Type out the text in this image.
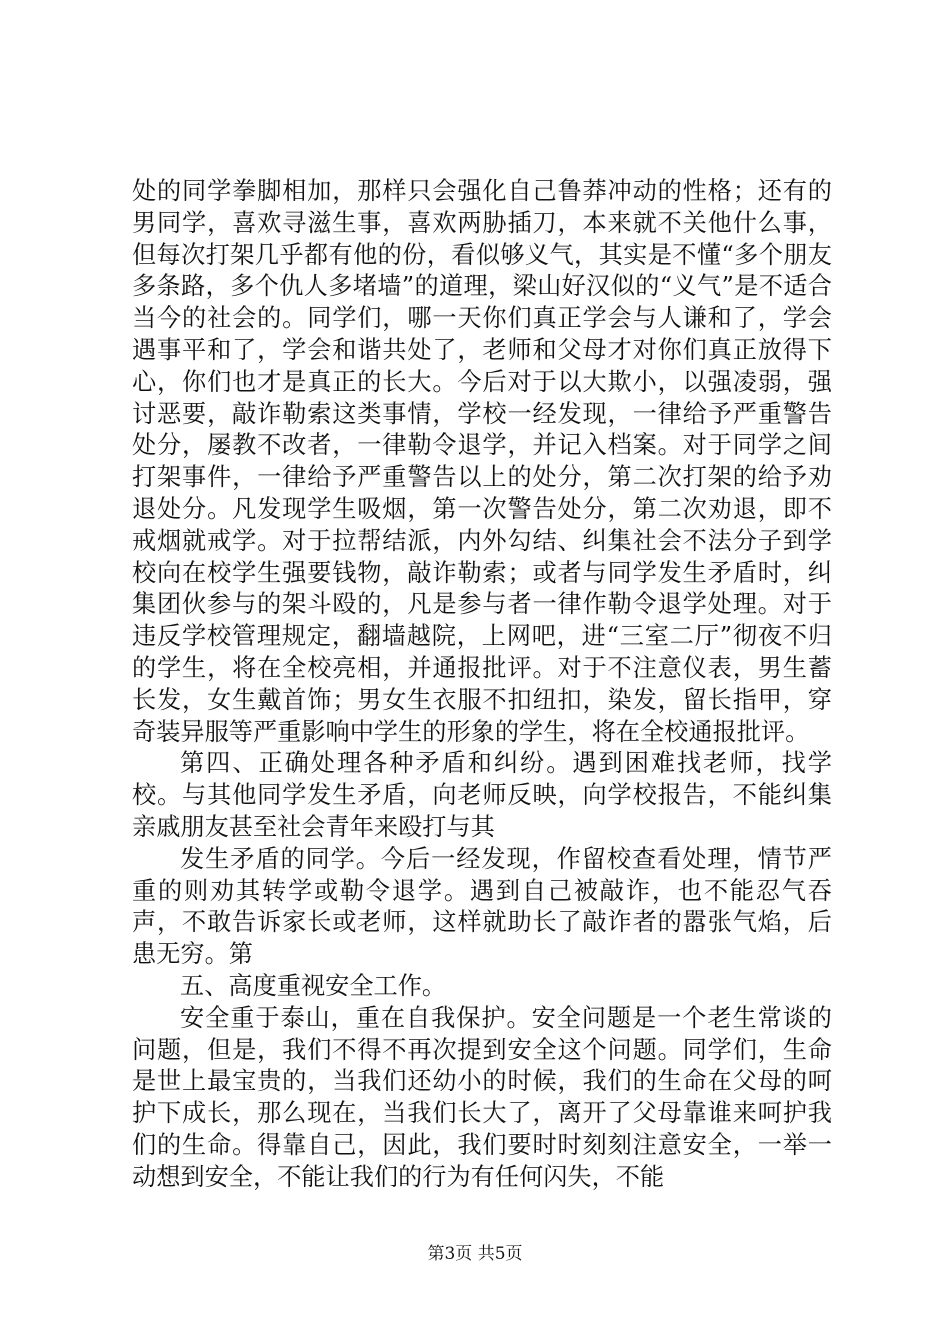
处的同学拳脚相加，那样只会强化自己鲁莽冲动的性格；还有的男同学，喜欢寻滋生事，喜欢两胁插刀，本来就不关他什么事，但每次打架几乎都有他的份，看似够义气，其实是不懂“多个朋友多条路，多个仇人多堵墙”的道理，梁山好汉似的“义气”是不适合当今的社会的。同学们，哪一天你们真正学会与人谦和了，学会遇事平和了，学会和谐共处了，老师和父母才对你们真正放得下心，你们也才是真正的长大。今后对于以大欺小，以强凌弱，强讨恶要，敲诈勒索这类事情，学校一经发现，一律给予严重警告处分，屡教不改者，一律勒令退学，并记入档案。对于同学之间打架事件，一律给予严重警告以上的处分，第二次打架的给予劝退处分。凡发现学生吸烟，第一次警告处分，第二次劝退，即不戒烟就戒学。对于拉帮结派，内外勾结、纠集社会不法分子到学校向在校学生强要钱物，敲诈勒索；或者与同学发生矛盾时，纠集团伙参与的架斗殴的，凡是参与者一律作勒令退学处理。对于违反学校管理规定，翻墙越院，上网吧，进“三室二厅”彻夜不归的学生，将在全校亮相，并通报批评。对于不注意仪表，男生蓄长发，女生戴首饰；男女生衣服不扣纽扣，染发，留长指甲，穿奇装异服等严重影响中学生的形象的学生，将在全校通报批评。

第四、正确处理各种矛盾和纠纷。遇到困难找老师，找学校。与其他同学发生矛盾，向老师反映，向学校报告，不能纠集亲戚朋友甚至社会青年来殴打与其

发生矛盾的同学。今后一经发现，作留校查看处理，情节严重的则劝其转学或勒令退学。遇到自己被敲诈，也不能忍气吞声，不敢告诉家长或老师，这样就助长了敲诈者的嚣张气焰，后患无穷。第

五、高度重视安全工作。

安全重于泰山，重在自我保护。安全问题是一个老生常谈的问题，但是，我们不得不再次提到安全这个问题。同学们，生命是世上最宝贵的，当我们还幼小的时候，我们的生命在父母的呵护下成长，那么现在，当我们长大了，离开了父母靠谁来呵护我们的生命。得靠自己，因此，我们要时时刻刻注意安全，一举一动想到安全，不能让我们的行为有任何闪失，不能

第3页 共5页
